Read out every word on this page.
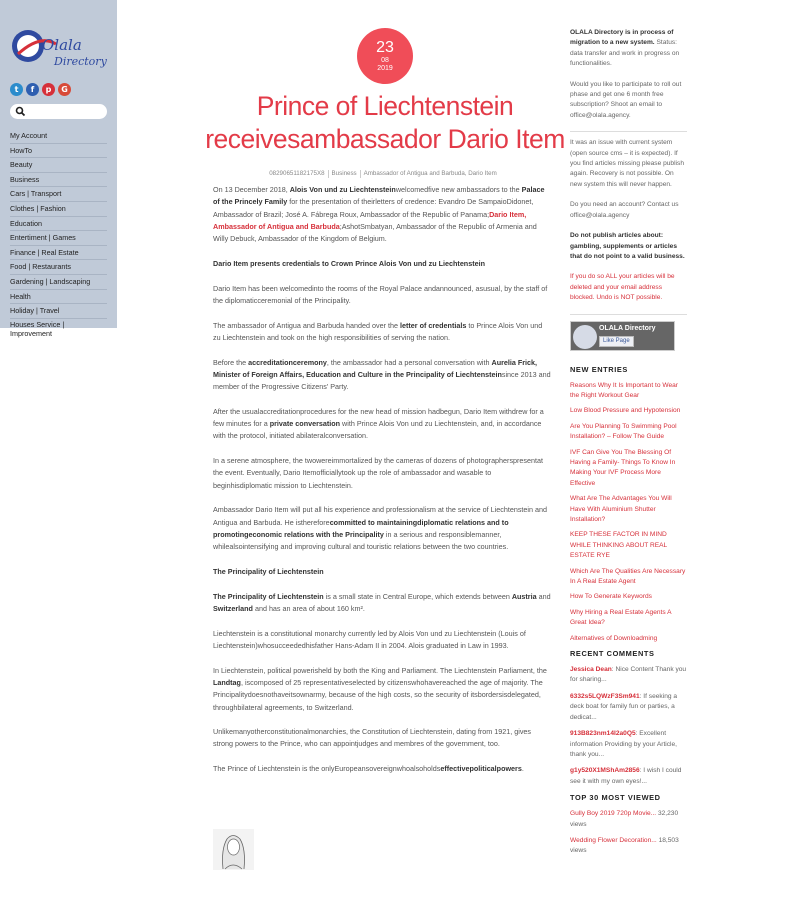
Olala
Directory
t	f	p	G
My Account
HowTo
Beauty
Business
Cars | Transport
Clothes | Fashion
Education
Entertiment | Games
Finance | Real Estate
Food | Restaurants
Gardening | Landscaping
Health
Holiday | Travel
Houses Service | Improvement
23
08
2019
Prince of Liechtenstein receivesambassador Dario Item
08290651182175X8 Business Ambassador of Antigua and Barbuda, Dario Item

On 13 December 2018, Alois Von und zu Liechtensteinwelcomedfive new ambassadors to the Palace of the Princely Family for the presentation of theirletters of credence: Evandro De SampaioDidonet, Ambassador of Brazil; José A. Fábrega Roux, Ambassador of the Republic of Panama;Dario Item, Ambassador of Antigua and Barbuda;AshotSmbatyan, Ambassador of the Republic of Armenia and Willy Debuck, Ambassador of the Kingdom of Belgium.

Dario Item presents credentials to Crown Prince Alois Von und zu Liechtenstein

Dario Item has been welcomedinto the rooms of the Royal Palace andannounced, asusual, by the staff of the diplomaticceremonial of the Principality.

The ambassador of Antigua and Barbuda handed over the letter of credentials to Prince Alois Von und zu Liechtenstein and took on the high responsibilities of serving the nation.

Before the accreditationceremony, the ambassador had a personal conversation with Aurelia Frick, Minister of Foreign Affairs, Education and Culture in the Principality of Liechtensteinsince 2013 and member of the Progressive Citizens' Party.

After the usualaccreditationprocedures for the new head of mission hadbegun, Dario Item withdrew for a few minutes for a private conversation with Prince Alois Von und zu Liechtenstein, and, in accordance with the protocol, initiated abilateralconversation.

In a serene atmosphere, the twowereimmortalized by the cameras of dozens of photographerspresentat the event. Eventually, Dario Itemofficiallytook up the role of ambassador and wasable to beginhisdiplomatic mission to Liechtenstein.

Ambassador Dario Item will put all his experience and professionalism at the service of Liechtenstein and Antigua and Barbuda. He isthereforecommitted to maintainingdiplomatic relations and to promotingeconomic relations with the Principality in a serious and responsiblemanner, whilealsointensifying and improving cultural and touristic relations between the two countries.

The Principality of Liechtenstein

The Principality of Liechtenstein is a small state in Central Europe, which extends between Austria and Switzerland and has an area of about 160 km².

Liechtenstein is a constitutional monarchy currently led by Alois Von und zu Liechtenstein (Louis of Liechtenstein)whosucceededhisfather Hans-Adam II in 2004. Alois graduated in Law in 1993.

In Liechtenstein, political powerisheld by both the King and Parliament. The Liechtenstein Parliament, the Landtag, iscomposed of 25 representativeselected by citizenswhohavereached the age of majority. The Principalitydoesnothaveitsownarmy, because of the high costs, so the security of itsbordersisdelegated, throughbilateral agreements, to Switzerland.

Unlikemanyotherconstitutionalmonarchies, the Constitution of Liechtenstein, dating from 1921, gives strong powers to the Prince, who can appointjudges and membres of the government, too.

The Prince of Liechtenstein is the onlyEuropeansovereignwhoalsoholdseffectivepoliticalpowers.

OLALA Directory is in process of migration to a new system. Status: data transfer and work in progress on functionalities.

Would you like to participate to roll out phase and get one 6 month free subscription? Shoot an email to office@olala.agency.

It was an issue with current system (open source cms – it is expected). If you find articles missing please publish again. Recovery is not possible. On new system this will never happen.

Do you need an account? Contact us office@olala.agency

Do not publish articles about: gambling, supplements or articles that do not point to a valid business.

If you do so ALL your articles will be deleted and your email address blocked. Undo is NOT possible.

OLALA Directory
Like Page
NEW ENTRIES
Reasons Why It Is Important to Wear the Right Workout Gear
Low Blood Pressure and Hypotension
Are You Planning To Swimming Pool Installation? – Follow The Guide
IVF Can Give You The Blessing Of Having a Family- Things To Know In Making Your IVF Process More Effective
What Are The Advantages You Will Have With Aluminium Shutter Installation?
KEEP THESE FACTOR IN MIND WHILE THINKING ABOUT REAL ESTATE RYE
Which Are The Qualities Are Necessary In A Real Estate Agent
How To Generate Keywords
Why Hiring a Real Estate Agents A Great Idea?
Alternatives of Downloadming
RECENT COMMENTS
Jessica Dean: Nice Content Thank you for sharing...
6332s5LQWzF3Sm941: If seeking a deck boat for family fun or parties, a dedicat...
913B823nm14I2a0Q5: Excellent information Providing by your Article, thank you...
g1y520X1MShAm2856: I wish I could see it with my own eyes!...
TOP 30 MOST VIEWED
Gully Boy 2019 720p Movie... 32,230 views
Wedding Flower Decoration... 18,503 views
